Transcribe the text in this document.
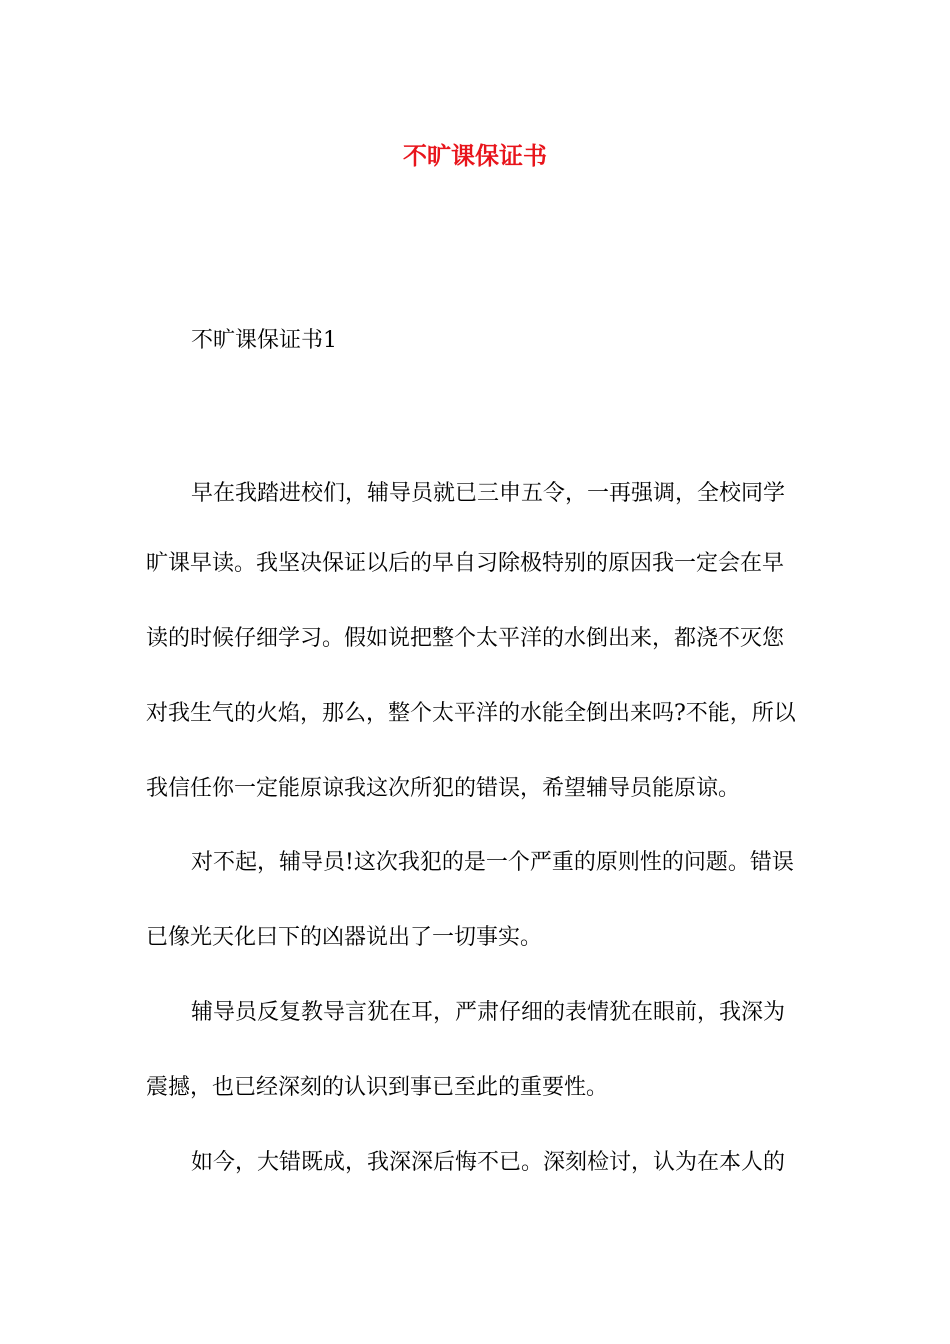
不旷课保证书
不旷课保证书1
早在我踏进校们，辅导员就已三申五令，一再强调，全校同学
旷课早读。我坚决保证以后的早自习除极特别的原因我一定会在早
读的时候仔细学习。假如说把整个太平洋的水倒出来，都浇不灭您
对我生气的火焰，那么，整个太平洋的水能全倒出来吗?不能，所以
我信任你一定能原谅我这次所犯的错误，希望辅导员能原谅。
对不起，辅导员!这次我犯的是一个严重的原则性的问题。错误
已像光天化曰下的凶器说出了一切事实。
辅导员反复教导言犹在耳，严肃仔细的表情犹在眼前，我深为
震撼，也已经深刻的认识到事已至此的重要性。
如今，大错既成，我深深后悔不已。深刻检讨，认为在本人的
